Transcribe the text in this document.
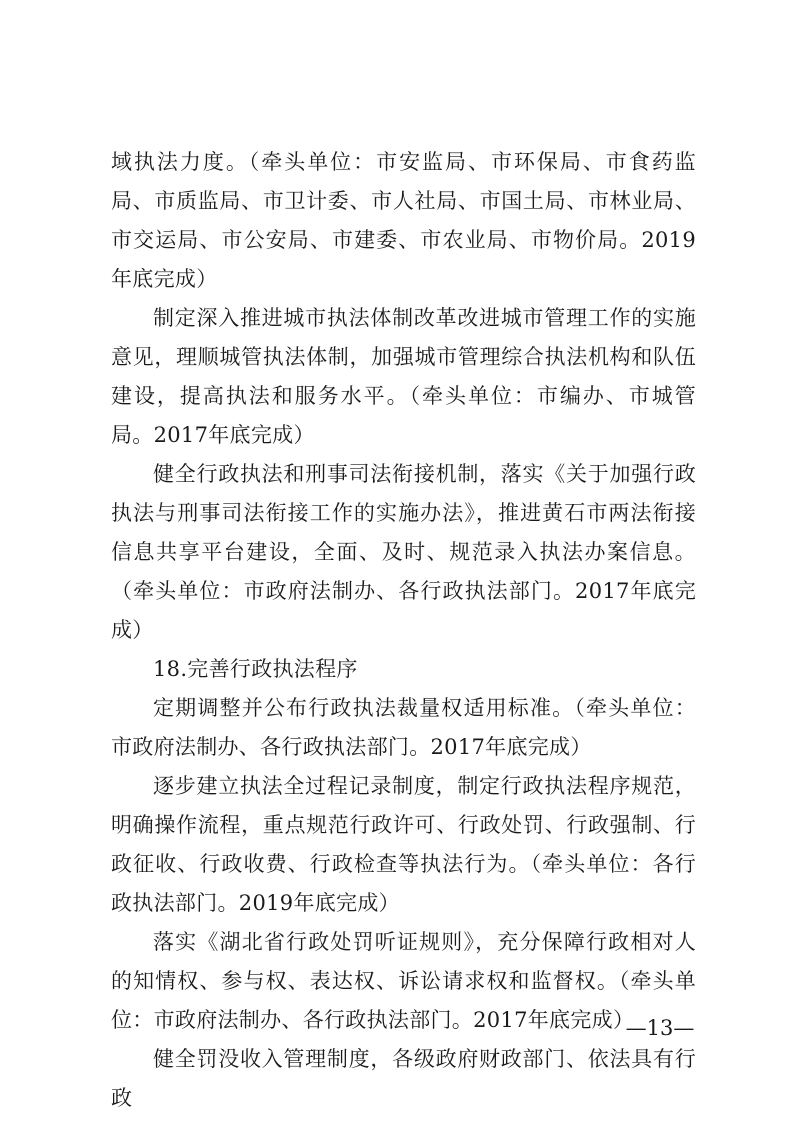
域执法力度。（牵头单位：市安监局、市环保局、市食药监局、市质监局、市卫计委、市人社局、市国土局、市林业局、市交运局、市公安局、市建委、市农业局、市物价局。2019年底完成）

制定深入推进城市执法体制改革改进城市管理工作的实施意见，理顺城管执法体制，加强城市管理综合执法机构和队伍建设，提高执法和服务水平。（牵头单位：市编办、市城管局。2017年底完成）

健全行政执法和刑事司法衔接机制，落实《关于加强行政执法与刑事司法衔接工作的实施办法》，推进黄石市两法衔接信息共享平台建设，全面、及时、规范录入执法办案信息。（牵头单位：市政府法制办、各行政执法部门。2017年底完成）

18.完善行政执法程序

定期调整并公布行政执法裁量权适用标准。（牵头单位：市政府法制办、各行政执法部门。2017年底完成）

逐步建立执法全过程记录制度，制定行政执法程序规范，明确操作流程，重点规范行政许可、行政处罚、行政强制、行政征收、行政收费、行政检查等执法行为。（牵头单位：各行政执法部门。2019年底完成）

落实《湖北省行政处罚听证规则》，充分保障行政相对人的知情权、参与权、表达权、诉讼请求权和监督权。（牵头单位：市政府法制办、各行政执法部门。2017年底完成）

健全罚没收入管理制度，各级政府财政部门、依法具有行政

—13—
